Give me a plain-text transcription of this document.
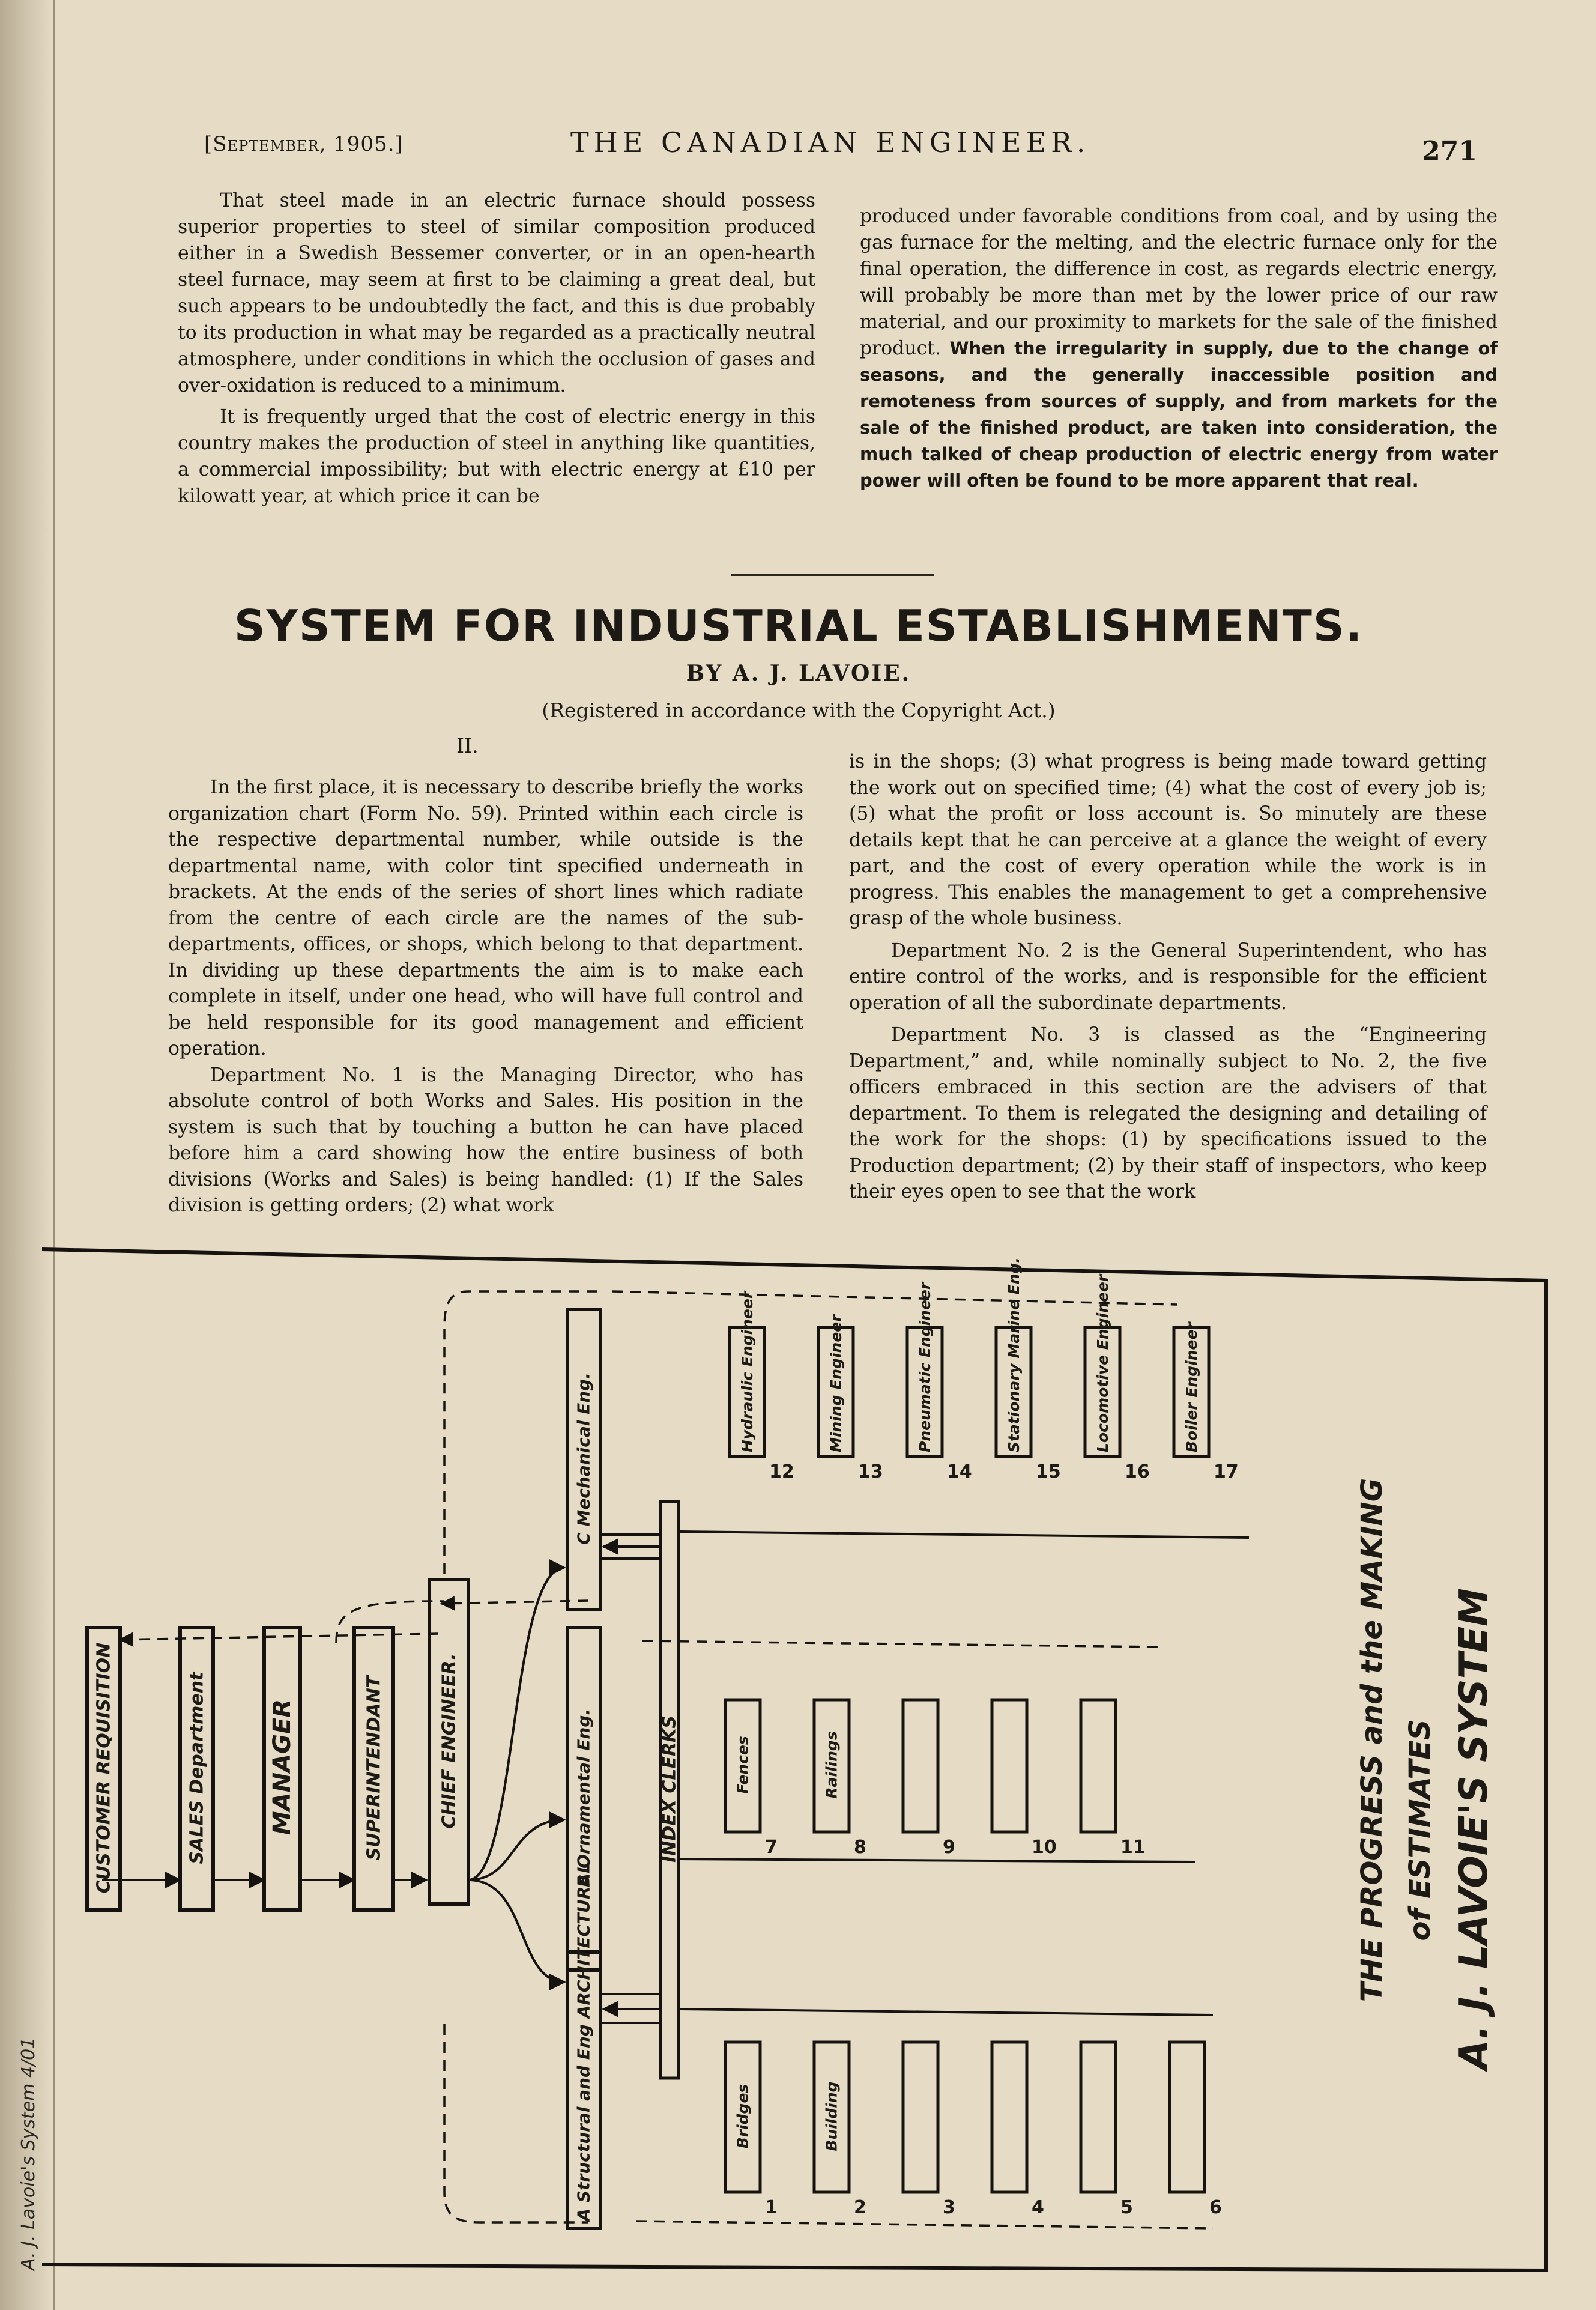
A. J. Lavoie's System 4/01
[September, 1905.]	THE CANADIAN ENGINEER.	271

That steel made in an electric furnace should possess superior properties to steel of similar composition produced either in a Swedish Bessemer converter, or in an open-hearth steel furnace, may seem at first to be claiming a great deal, but such appears to be undoubtedly the fact, and this is due probably to its production in what may be regarded as a practically neutral atmosphere, under conditions in which the occlusion of gases and over-oxidation is reduced to a minimum.

It is frequently urged that the cost of electric energy in this country makes the production of steel in anything like quantities, a commercial impossibility; but with electric energy at £10 per kilowatt year, at which price it can be

produced under favorable conditions from coal, and by using the gas furnace for the melting, and the electric furnace only for the final operation, the difference in cost, as regards electric energy, will probably be more than met by the lower price of our raw material, and our proximity to markets for the sale of the finished product. When the irregularity in supply, due to the change of seasons, and the generally inaccessible position and remoteness from sources of supply, and from markets for the sale of the finished product, are taken into consideration, the much talked of cheap production of electric energy from water power will often be found to be more apparent that real.

SYSTEM FOR INDUSTRIAL ESTABLISHMENTS.
BY A. J. LAVOIE.
(Registered in accordance with the Copyright Act.)
II.

In the first place, it is necessary to describe briefly the works organization chart (Form No. 59). Printed within each circle is the respective departmental number, while outside is the departmental name, with color tint specified underneath in brackets. At the ends of the series of short lines which radiate from the centre of each circle are the names of the sub-departments, offices, or shops, which belong to that department. In dividing up these departments the aim is to make each complete in itself, under one head, who will have full control and be held responsible for its good management and efficient operation.

Department No. 1 is the Managing Director, who has absolute control of both Works and Sales. His position in the system is such that by touching a button he can have placed before him a card showing how the entire business of both divisions (Works and Sales) is being handled: (1) If the Sales division is getting orders; (2) what work

is in the shops; (3) what progress is being made toward getting the work out on specified time; (4) what the cost of every job is; (5) what the profit or loss account is. So minutely are these details kept that he can perceive at a glance the weight of every part, and the cost of every operation while the work is in progress. This enables the management to get a comprehensive grasp of the whole business.

Department No. 2 is the General Superintendent, who has entire control of the works, and is responsible for the efficient operation of all the subordinate departments.

Department No. 3 is classed as the “Engineering Department,” and, while nominally subject to No. 2, the five officers embraced in this section are the advisers of that department. To them is relegated the designing and detailing of the work for the shops: (1) by specifications issued to the Production department; (2) by their staff of inspectors, who keep their eyes open to see that the work

CUSTOMER REQUISITION	SALES Department	MANAGER	SUPERINTENDANT	CHIEF ENGINEER.	INDEX CLERKS
C Mechanical Eng.
B Ornamental Eng.
A Structural and Eng ARCHITECTURAL
Hydraulic Engineer
12
Mining Engineer
13
Pneumatic Engineer
14
Stationary Marine Eng.
15
Locomotive Engineer
16
Boiler Engineer
17
Fences
7
Railings
8	9	10	11
Bridges
1
Building
2	3	4	5	6
THE PROGRESS and the MAKING of ESTIMATES A. J. LAVOIE'S SYSTEM
